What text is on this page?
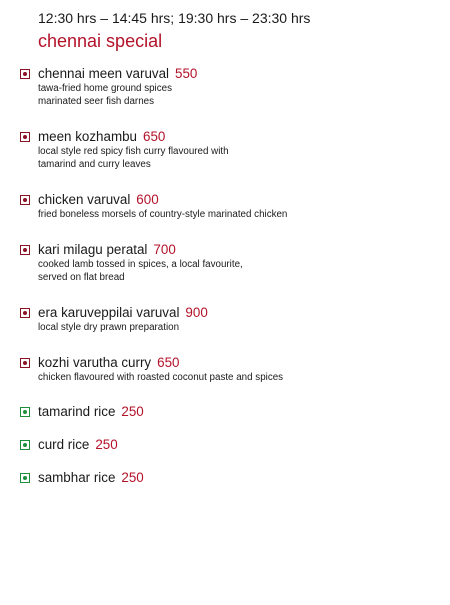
12:30 hrs – 14:45 hrs; 19:30 hrs – 23:30 hrs
chennai special
chennai meen varuval 550
tawa-fried home ground spices
marinated seer fish darnes
meen kozhambu 650
local style red spicy fish curry flavoured with
tamarind and curry leaves
chicken varuval 600
fried boneless morsels of country-style marinated chicken
kari milagu peratal 700
cooked lamb tossed in spices, a local favourite,
served on flat bread
era karuveppilai varuval 900
local style dry prawn preparation
kozhi varutha curry 650
chicken flavoured with roasted coconut paste and spices
tamarind rice 250
curd rice 250
sambhar rice 250
